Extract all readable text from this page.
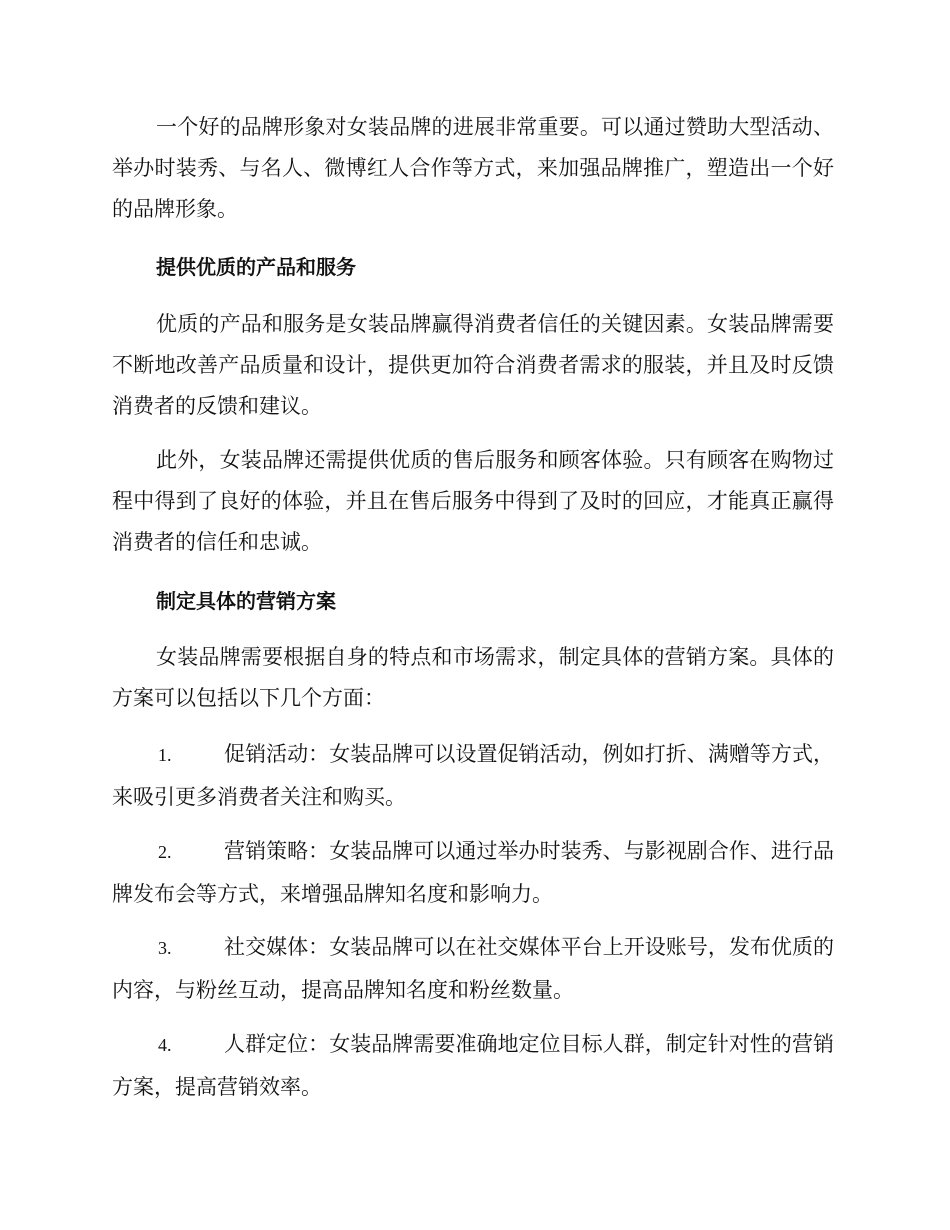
一个好的品牌形象对女装品牌的进展非常重要。可以通过赞助大型活动、举办时装秀、与名人、微博红人合作等方式，来加强品牌推广，塑造出一个好的品牌形象。

提供优质的产品和服务

优质的产品和服务是女装品牌赢得消费者信任的关键因素。女装品牌需要不断地改善产品质量和设计，提供更加符合消费者需求的服装，并且及时反馈消费者的反馈和建议。

此外，女装品牌还需提供优质的售后服务和顾客体验。只有顾客在购物过程中得到了良好的体验，并且在售后服务中得到了及时的回应，才能真正赢得消费者的信任和忠诚。

制定具体的营销方案

女装品牌需要根据自身的特点和市场需求，制定具体的营销方案。具体的方案可以包括以下几个方面：

1.	促销活动：女装品牌可以设置促销活动，例如打折、满赠等方式，来吸引更多消费者关注和购买。

2.	营销策略：女装品牌可以通过举办时装秀、与影视剧合作、进行品牌发布会等方式，来增强品牌知名度和影响力。

3.	社交媒体：女装品牌可以在社交媒体平台上开设账号，发布优质的内容，与粉丝互动，提高品牌知名度和粉丝数量。

4.	人群定位：女装品牌需要准确地定位目标人群，制定针对性的营销方案，提高营销效率。
